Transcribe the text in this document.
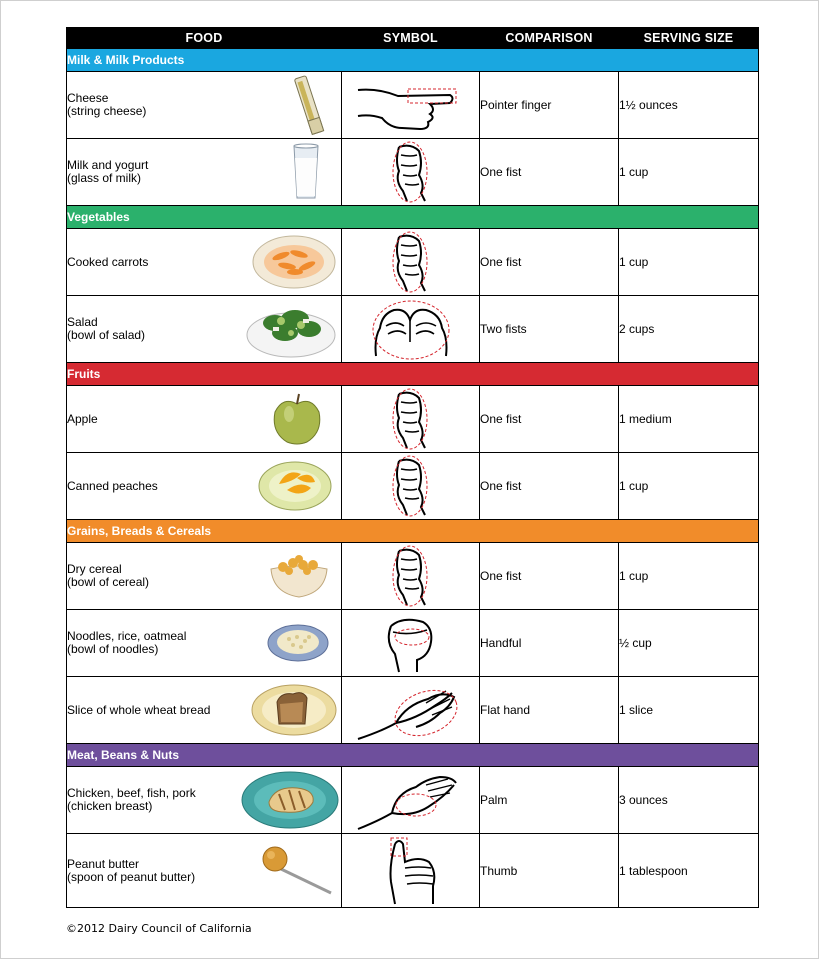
FOOD	SYMBOL	COMPARISON	SERVING SIZE
Milk & Milk Products			

Cheese
(string cheese)		Pointer finger	1½ ounces

Milk and yogurt
(glass of milk)		One fist	1 cup
Vegetables			

Cooked carrots		One fist	1 cup

Salad
(bowl of salad)		Two fists	2 cups
Fruits			

Apple		One fist	1 medium

Canned peaches		One fist	1 cup
Grains, Breads & Cereals			

Dry cereal
(bowl of cereal)		One fist	1 cup

Noodles, rice, oatmeal
(bowl of noodles)		Handful	½ cup

Slice of whole wheat bread		Flat hand	1 slice
Meat, Beans & Nuts			

Chicken, beef, fish, pork
(chicken breast)		Palm	3 ounces

Peanut butter
(spoon of peanut butter)		Thumb	1 tablespoon
©2012 Dairy Council of California
